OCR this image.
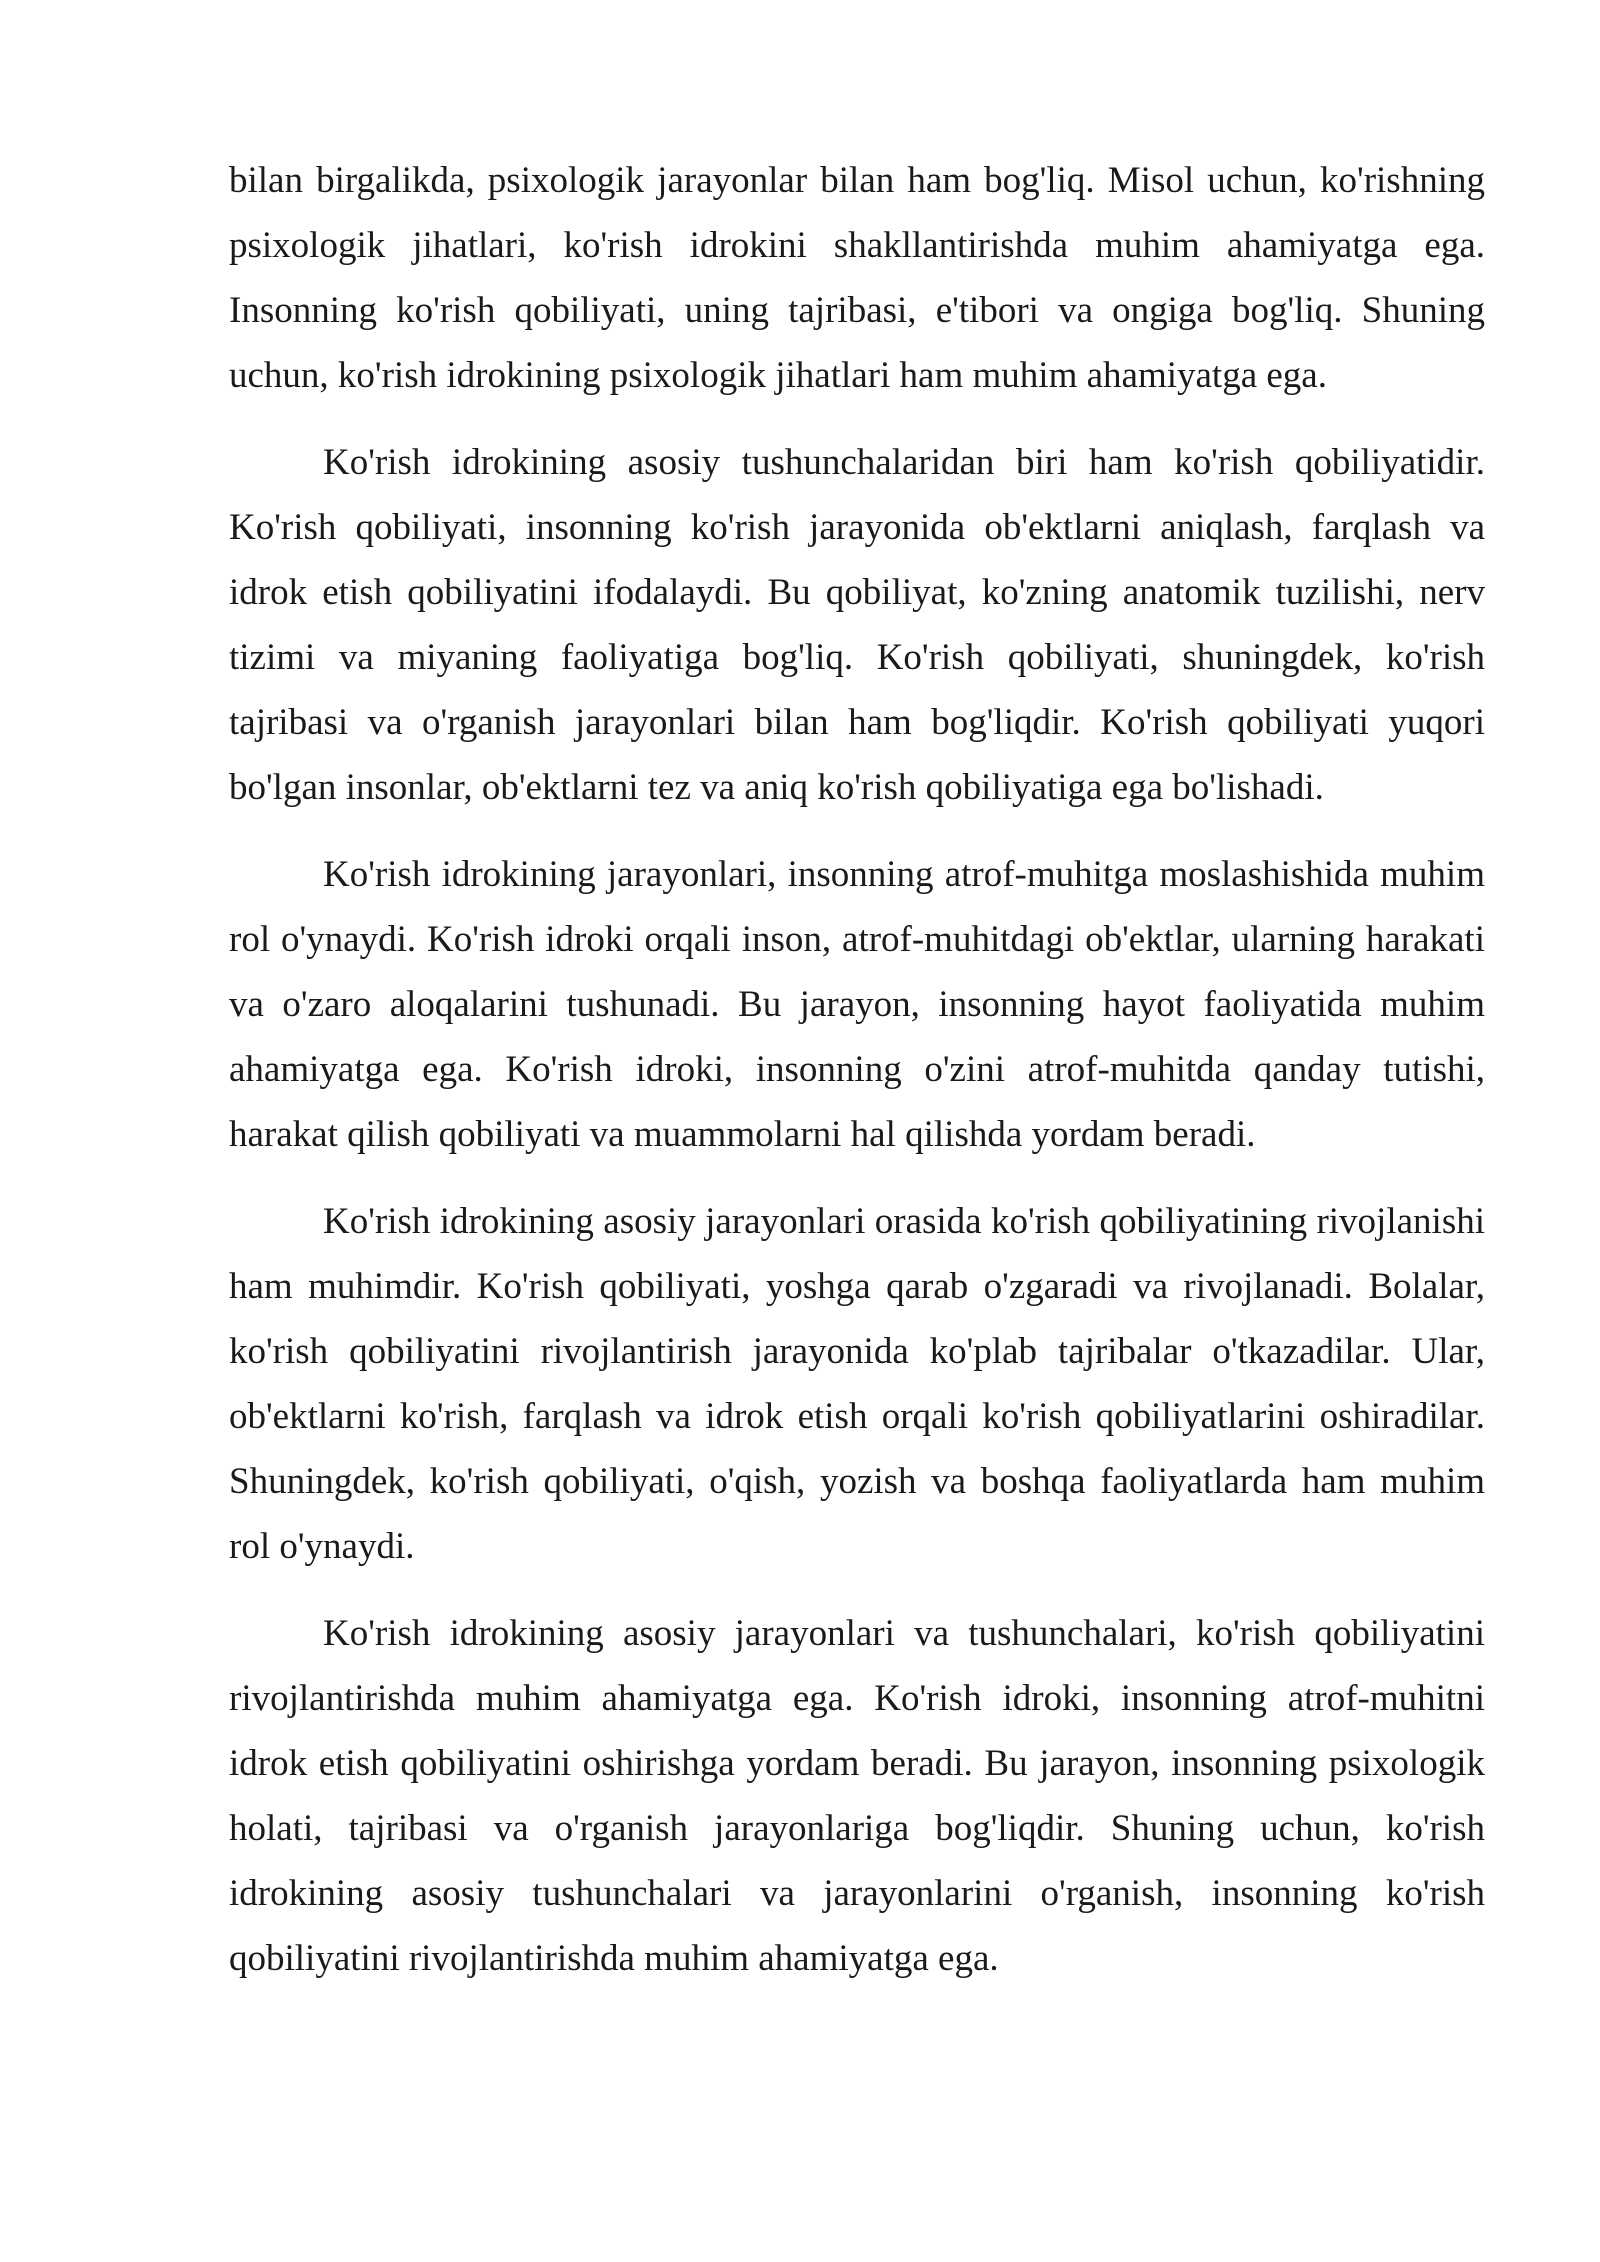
bilan birgalikda, psixologik jarayonlar bilan ham bog'liq. Misol uchun, ko'rishning psixologik jihatlari, ko'rish idrokini shakllantirishda muhim ahamiyatga ega. Insonning ko'rish qobiliyati, uning tajribasi, e'tibori va ongiga bog'liq. Shuning uchun, ko'rish idrokining psixologik jihatlari ham muhim ahamiyatga ega.

Ko'rish idrokining asosiy tushunchalaridan biri ham ko'rish qobiliyatidir. Ko'rish qobiliyati, insonning ko'rish jarayonida ob'ektlarni aniqlash, farqlash va idrok etish qobiliyatini ifodalaydi. Bu qobiliyat, ko'zning anatomik tuzilishi, nerv tizimi va miyaning faoliyatiga bog'liq. Ko'rish qobiliyati, shuningdek, ko'rish tajribasi va o'rganish jarayonlari bilan ham bog'liqdir. Ko'rish qobiliyati yuqori bo'lgan insonlar, ob'ektlarni tez va aniq ko'rish qobiliyatiga ega bo'lishadi.

Ko'rish idrokining jarayonlari, insonning atrof-muhitga moslashishida muhim rol o'ynaydi. Ko'rish idroki orqali inson, atrof-muhitdagi ob'ektlar, ularning harakati va o'zaro aloqalarini tushunadi. Bu jarayon, insonning hayot faoliyatida muhim ahamiyatga ega. Ko'rish idroki, insonning o'zini atrof-muhitda qanday tutishi, harakat qilish qobiliyati va muammolarni hal qilishda yordam beradi.

Ko'rish idrokining asosiy jarayonlari orasida ko'rish qobiliyatining rivojlanishi ham muhimdir. Ko'rish qobiliyati, yoshga qarab o'zgaradi va rivojlanadi. Bolalar, ko'rish qobiliyatini rivojlantirish jarayonida ko'plab tajribalar o'tkazadilar. Ular, ob'ektlarni ko'rish, farqlash va idrok etish orqali ko'rish qobiliyatlarini oshiradilar. Shuningdek, ko'rish qobiliyati, o'qish, yozish va boshqa faoliyatlarda ham muhim rol o'ynaydi.

Ko'rish idrokining asosiy jarayonlari va tushunchalari, ko'rish qobiliyatini rivojlantirishda muhim ahamiyatga ega. Ko'rish idroki, insonning atrof-muhitni idrok etish qobiliyatini oshirishga yordam beradi. Bu jarayon, insonning psixologik holati, tajribasi va o'rganish jarayonlariga bog'liqdir. Shuning uchun, ko'rish idrokining asosiy tushunchalari va jarayonlarini o'rganish, insonning ko'rish qobiliyatini rivojlantirishda muhim ahamiyatga ega.
